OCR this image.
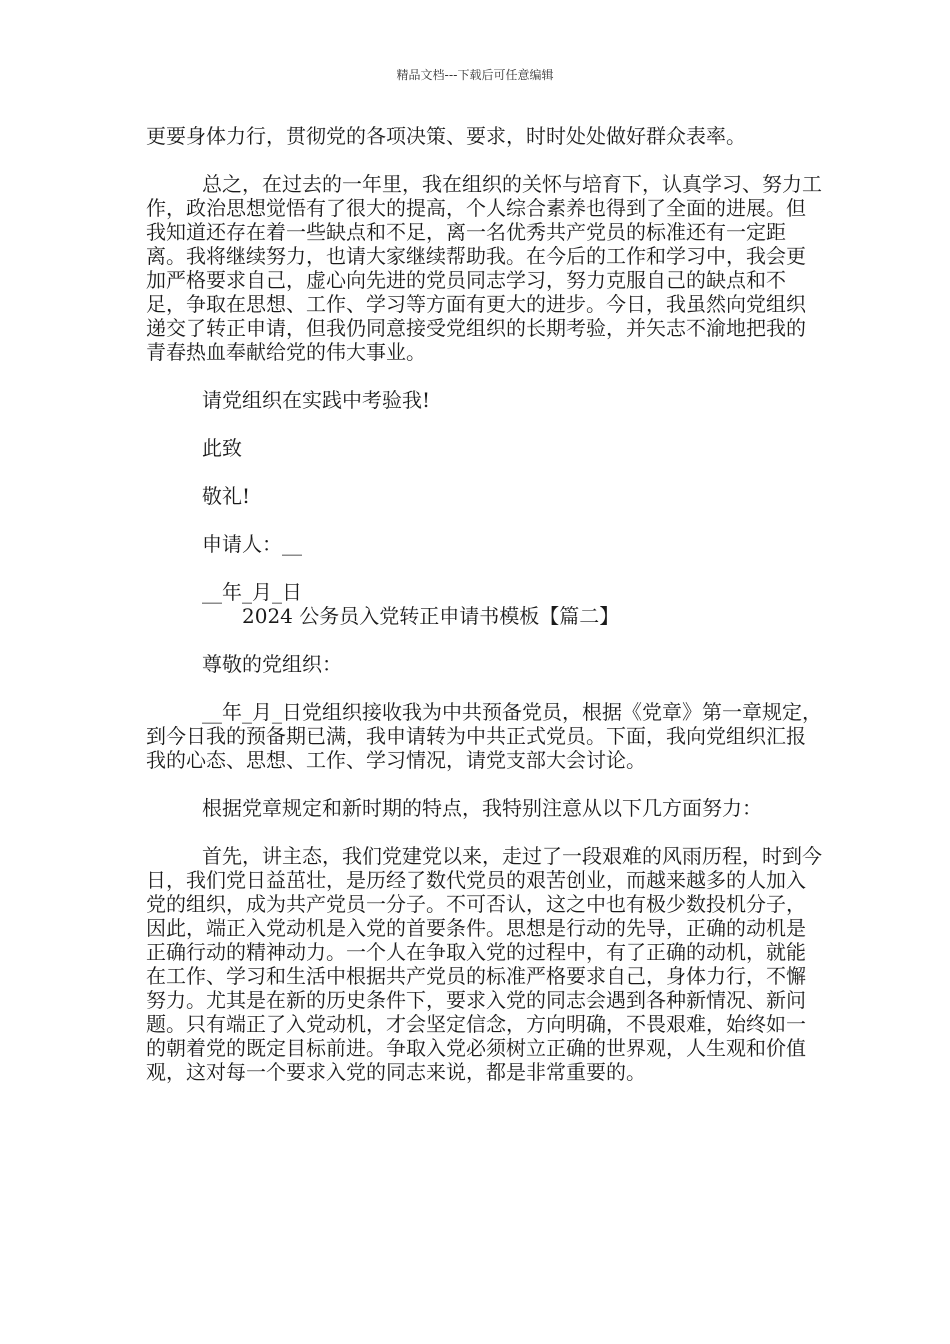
精品文档---下载后可任意编辑

更要身体力行，贯彻党的各项决策、要求，时时处处做好群众表率。

总之，在过去的一年里，我在组织的关怀与培育下，认真学习、努力工作，政治思想觉悟有了很大的提高，个人综合素养也得到了全面的进展。但我知道还存在着一些缺点和不足，离一名优秀共产党员的标准还有一定距离。我将继续努力，也请大家继续帮助我。在今后的工作和学习中，我会更加严格要求自己，虚心向先进的党员同志学习，努力克服自己的缺点和不足，争取在思想、工作、学习等方面有更大的进步。今日，我虽然向党组织递交了转正申请，但我仍同意接受党组织的长期考验，并矢志不渝地把我的青春热血奉献给党的伟大事业。

请党组织在实践中考验我!

此致

敬礼!

申请人：__

__年_月_日

2024 公务员入党转正申请书模板【篇二】

尊敬的党组织：

__年_月_日党组织接收我为中共预备党员，根据《党章》第一章规定，到今日我的预备期已满，我申请转为中共正式党员。下面，我向党组织汇报我的心态、思想、工作、学习情况，请党支部大会讨论。

根据党章规定和新时期的特点，我特别注意从以下几方面努力：

首先，讲主态，我们党建党以来，走过了一段艰难的风雨历程，时到今日，我们党日益茁壮，是历经了数代党员的艰苦创业，而越来越多的人加入党的组织，成为共产党员一分子。不可否认，这之中也有极少数投机分子，因此，端正入党动机是入党的首要条件。思想是行动的先导，正确的动机是正确行动的精神动力。一个人在争取入党的过程中，有了正确的动机，就能在工作、学习和生活中根据共产党员的标准严格要求自己，身体力行，不懈努力。尤其是在新的历史条件下，要求入党的同志会遇到各种新情况、新问题。只有端正了入党动机，才会坚定信念，方向明确，不畏艰难，始终如一的朝着党的既定目标前进。争取入党必须树立正确的世界观，人生观和价值观，这对每一个要求入党的同志来说，都是非常重要的。
